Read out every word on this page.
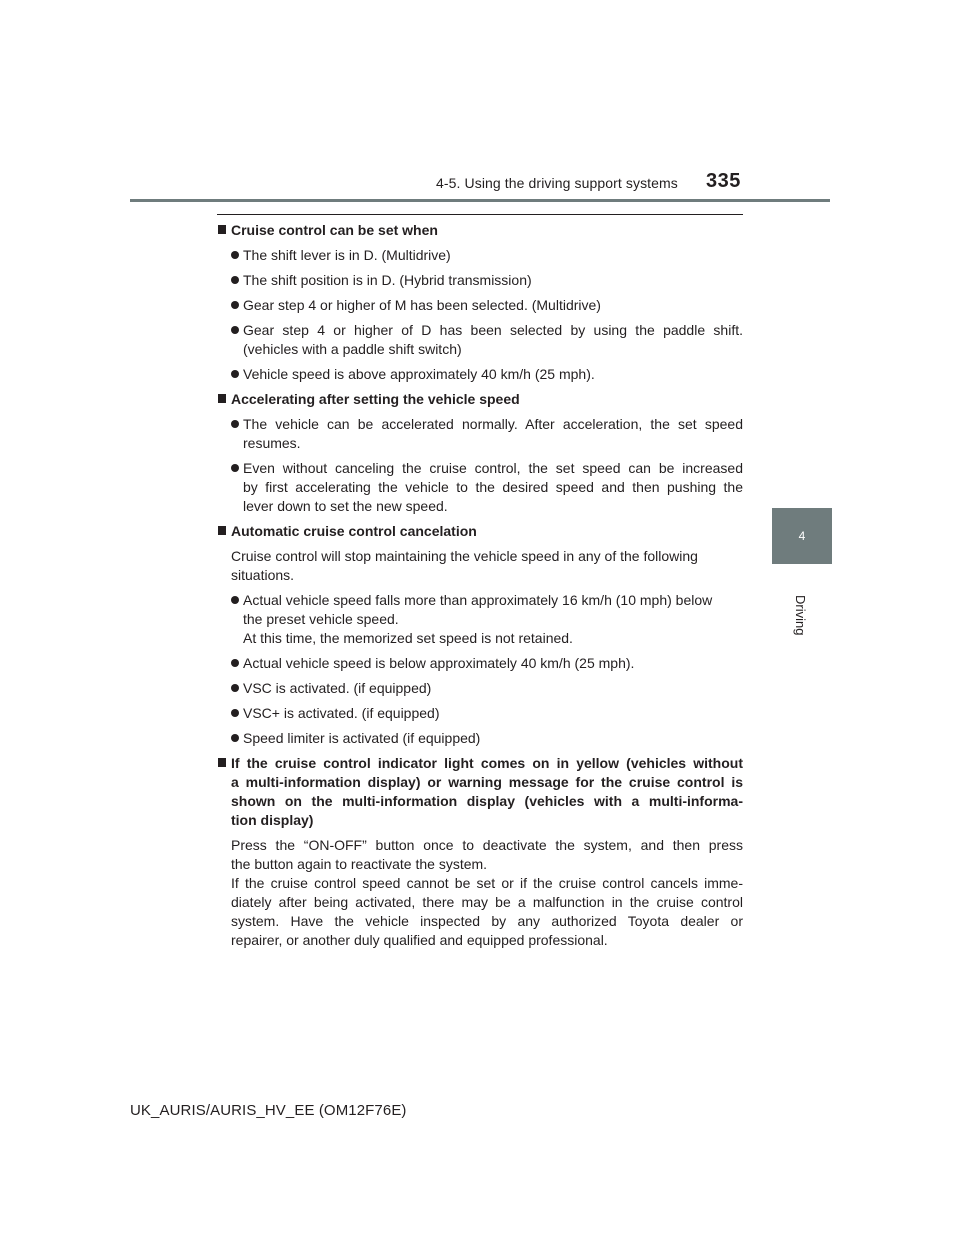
4-5. Using the driving support systems 335
4
Driving
Cruise control can be set when
The shift lever is in D. (Multidrive)
The shift position is in D. (Hybrid transmission)
Gear step 4 or higher of M has been selected. (Multidrive)
Gear step 4 or higher of D has been selected by using the paddle shift.
(vehicles with a paddle shift switch)
Vehicle speed is above approximately 40 km/h (25 mph).
Accelerating after setting the vehicle speed
The vehicle can be accelerated normally. After acceleration, the set speed
resumes.
Even without canceling the cruise control, the set speed can be increased
by first accelerating the vehicle to the desired speed and then pushing the
lever down to set the new speed.
Automatic cruise control cancelation
Cruise control will stop maintaining the vehicle speed in any of the following
situations.
Actual vehicle speed falls more than approximately 16 km/h (10 mph) below
the preset vehicle speed.
At this time, the memorized set speed is not retained.
Actual vehicle speed is below approximately 40 km/h (25 mph).
VSC is activated. (if equipped)
VSC+ is activated. (if equipped)
Speed limiter is activated (if equipped)
If the cruise control indicator light comes on in yellow (vehicles without
a multi-information display) or warning message for the cruise control is
shown on the multi-information display (vehicles with a multi-informa-
tion display)
Press the “ON-OFF” button once to deactivate the system, and then press
the button again to reactivate the system.
If the cruise control speed cannot be set or if the cruise control cancels imme-
diately after being activated, there may be a malfunction in the cruise control
system. Have the vehicle inspected by any authorized Toyota dealer or
repairer, or another duly qualified and equipped professional.
UK_AURIS/AURIS_HV_EE (OM12F76E)
